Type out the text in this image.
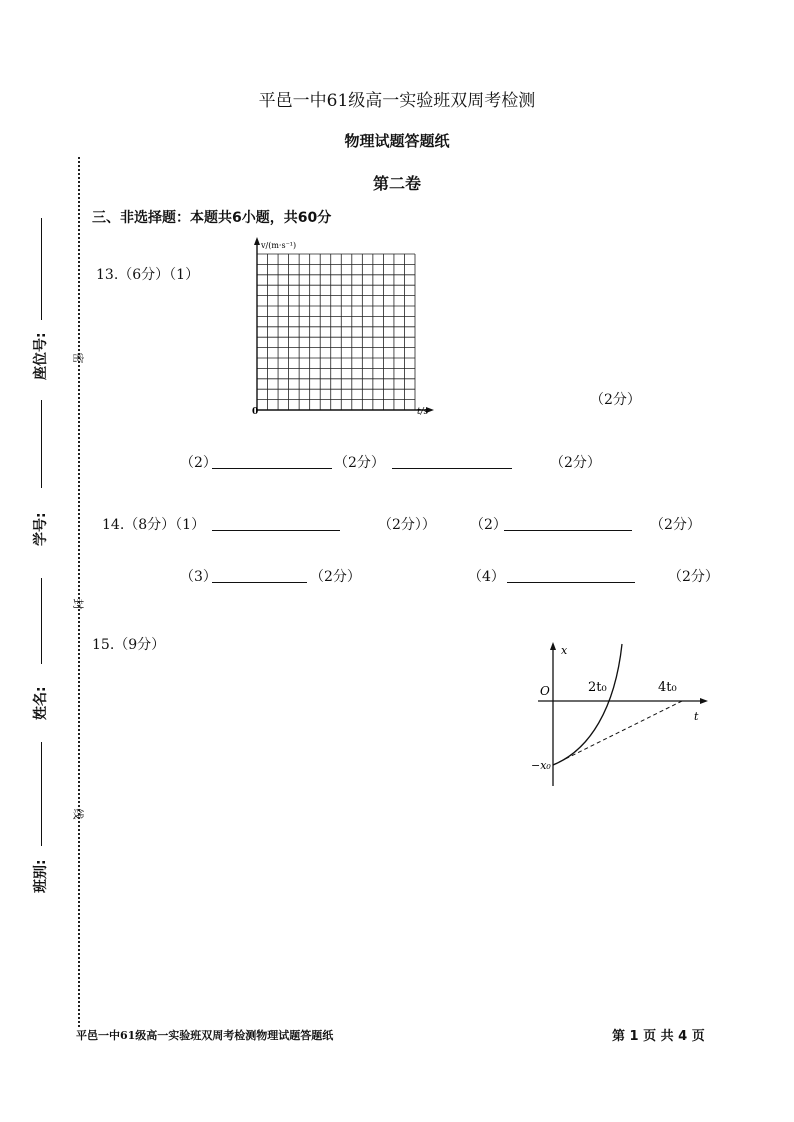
平邑一中61级高一实验班双周考检测
物理试题答题纸
第二卷
三、非选择题：本题共6小题，共60分
座位号:
学号:
姓名:
班别:
密
封
线
13.（6分）（1）
v/(m·s⁻¹)
0	t/s
（2分）
（2）	（2分）	（2分）
14.（8分）（1）	（2分）） （2）	（2分）
（3）	（2分）	（4）	（2分）
15.（9分）	x
O	2t₀	4t₀
t
−x₀
平邑一中61级高一实验班双周考检测物理试题答题纸	第 1 页 共 4 页
